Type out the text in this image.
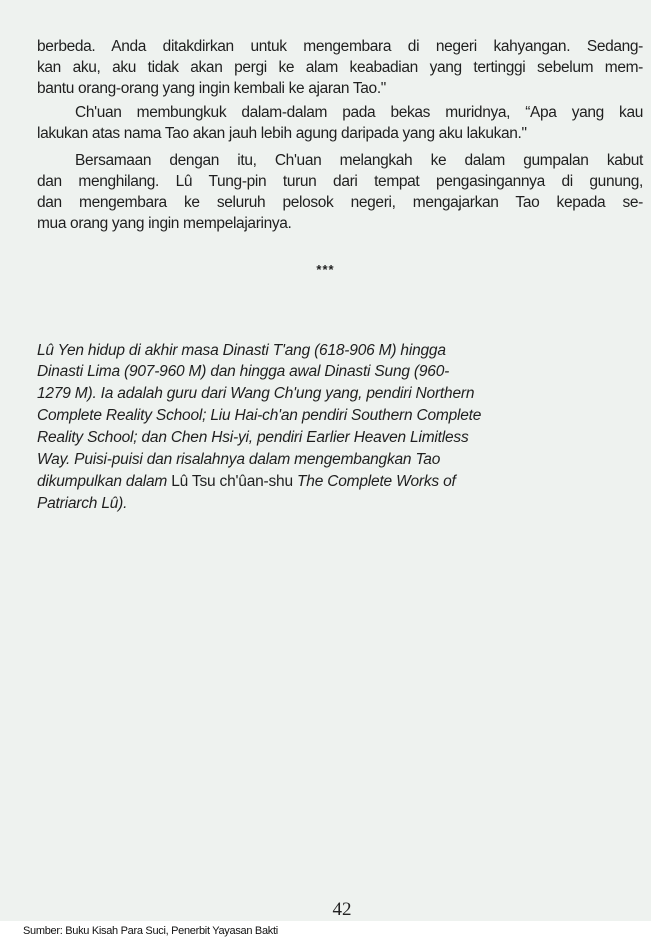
berbeda. Anda ditakdirkan untuk mengembara di negeri kahyangan. Sedang-
kan aku, aku tidak akan pergi ke alam keabadian yang tertinggi sebelum mem-
bantu orang-orang yang ingin kembali ke ajaran Tao."
Ch'uan membungkuk dalam-dalam pada bekas muridnya, “Apa yang kau
lakukan atas nama Tao akan jauh lebih agung daripada yang aku lakukan."
Bersamaan dengan itu, Ch'uan melangkah ke dalam gumpalan kabut
dan menghilang. Lû Tung-pin turun dari tempat pengasingannya di gunung,
dan mengembara ke seluruh pelosok negeri, mengajarkan Tao kepada se-
mua orang yang ingin mempelajarinya.
***
Lû Yen hidup di akhir masa Dinasti T'ang (618-906 M) hingga
Dinasti Lima (907-960 M) dan hingga awal Dinasti Sung (960-
1279 M). Ia adalah guru dari Wang Ch'ung yang, pendiri Northern
Complete Reality School; Liu Hai-ch'an pendiri Southern Complete
Reality School; dan Chen Hsi-yi, pendiri Earlier Heaven Limitless
Way. Puisi-puisi dan risalahnya dalam mengembangkan Tao
dikumpulkan dalam Lû Tsu ch'ûan-shu The Complete Works of
Patriarch Lû).
42
Sumber: Buku Kisah Para Suci, Penerbit Yayasan Bakti
